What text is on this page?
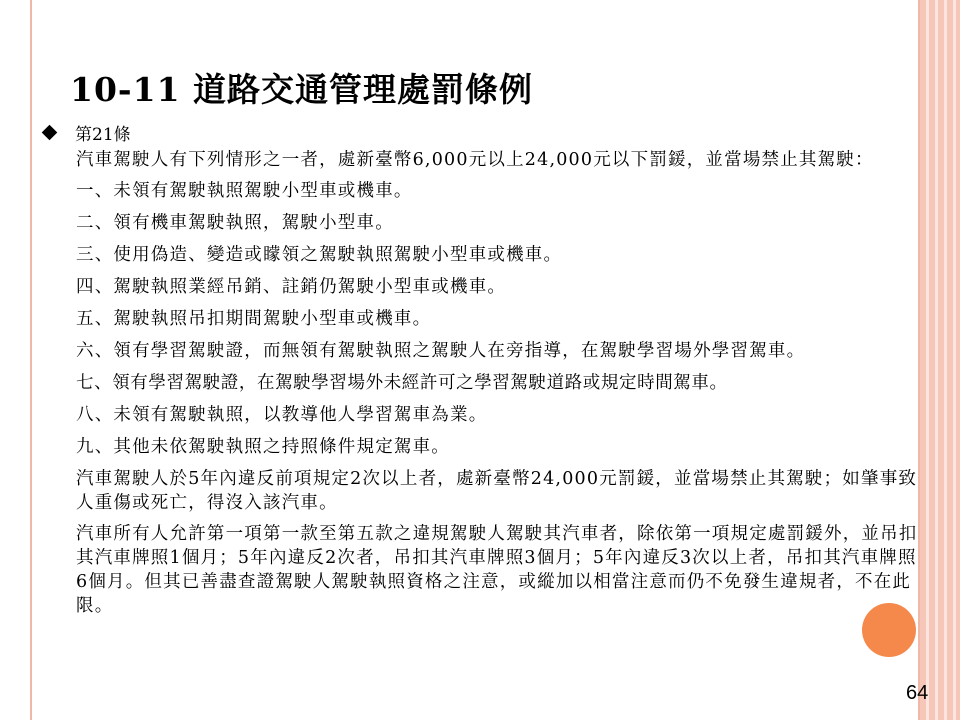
10-11 道路交通管理處罰條例
第21條

汽車駕駛人有下列情形之一者，處新臺幣6,000元以上24,000元以下罰鍰，並當場禁止其駕駛：

一、未領有駕駛執照駕駛小型車或機車。

二、領有機車駕駛執照，駕駛小型車。

三、使用偽造、變造或矇領之駕駛執照駕駛小型車或機車。

四、駕駛執照業經吊銷、註銷仍駕駛小型車或機車。

五、駕駛執照吊扣期間駕駛小型車或機車。

六、領有學習駕駛證，而無領有駕駛執照之駕駛人在旁指導，在駕駛學習場外學習駕車。

七、領有學習駕駛證，在駕駛學習場外未經許可之學習駕駛道路或規定時間駕車。

八、未領有駕駛執照，以教導他人學習駕車為業。

九、其他未依駕駛執照之持照條件規定駕車。

汽車駕駛人於5年內違反前項規定2次以上者，處新臺幣24,000元罰鍰，並當場禁止其駕駛；如肇事致人重傷或死亡，得沒入該汽車。

汽車所有人允許第一項第一款至第五款之違規駕駛人駕駛其汽車者，除依第一項規定處罰鍰外，並吊扣其汽車牌照1個月；5年內違反2次者，吊扣其汽車牌照3個月；5年內違反3次以上者，吊扣其汽車牌照6個月。但其已善盡查證駕駛人駕駛執照資格之注意，或縱加以相當注意而仍不免發生違規者，不在此限。

64
